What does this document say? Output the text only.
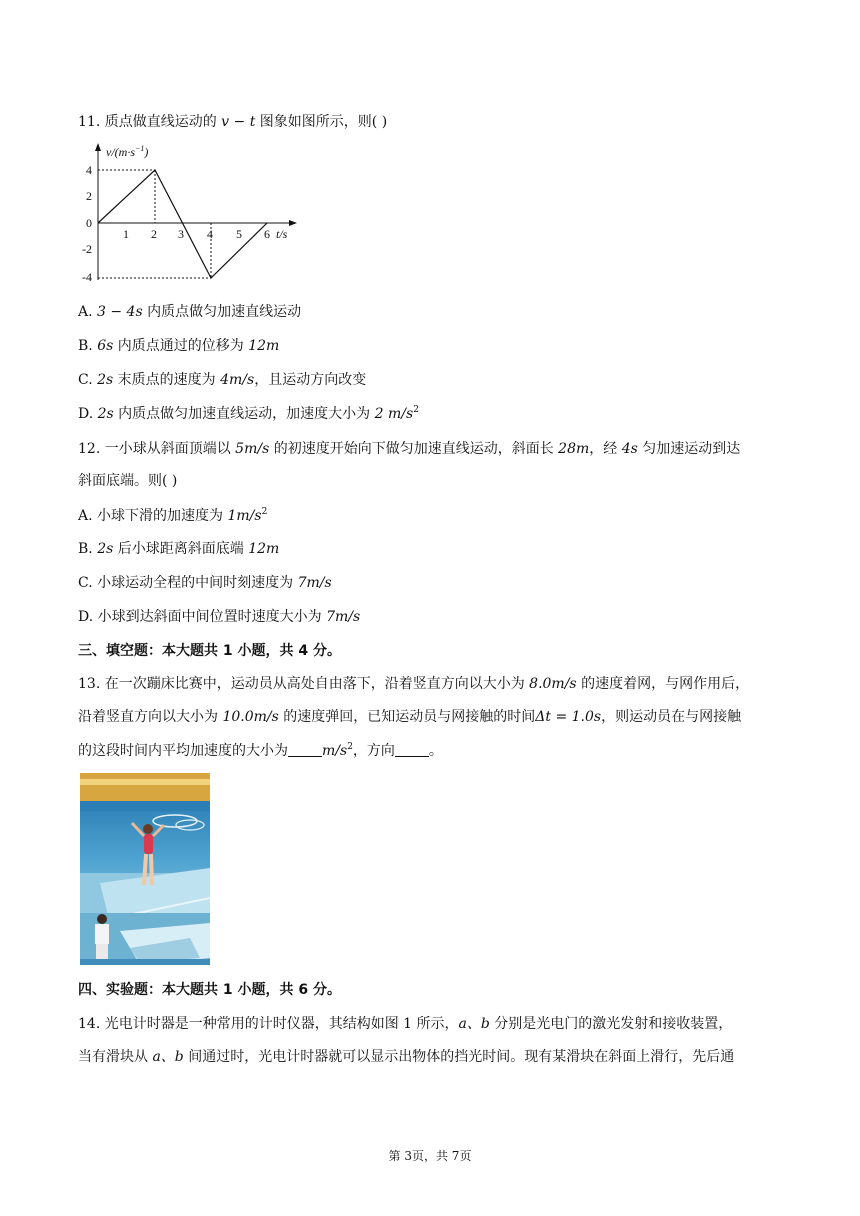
11. 质点做直线运动的 v − t 图象如图所示，则( )
4
2
0
-2
-4
1 2 3 4 5 6
$v/(m\cdot s^{-1})$
t/s
A. 3 − 4s 内质点做匀加速直线运动
B. 6s 内质点通过的位移为 12m
C. 2s 末质点的速度为 4m/s，且运动方向改变
D. 2s 内质点做匀加速直线运动，加速度大小为 2 $m/s^2$
12. 一小球从斜面顶端以 5m/s 的初速度开始向下做匀加速直线运动，斜面长 28m，经 4s 匀加速运动到达
斜面底端。则( )
A. 小球下滑的加速度为 $1m/s^2$
B. 2s 后小球距离斜面底端 12m
C. 小球运动全程的中间时刻速度为 7m/s
D. 小球到达斜面中间位置时速度大小为 7m/s
三、填空题：本大题共 1 小题，共 4 分。
13. 在一次蹦床比赛中，运动员从高处自由落下，沿着竖直方向以大小为 8.0m/s 的速度着网，与网作用后，
沿着竖直方向以大小为 10.0m/s 的速度弹回，已知运动员与网接触的时间Δt = 1.0s，则运动员在与网接触
的这段时间内平均加速度的大小为 $m/s^2$，方向 。
四、实验题：本大题共 1 小题，共 6 分。
14. 光电计时器是一种常用的计时仪器，其结构如图 1 所示，a、b 分别是光电门的激光发射和接收装置，
当有滑块从 a、b 间通过时，光电计时器就可以显示出物体的挡光时间。现有某滑块在斜面上滑行，先后通
第 3页，共 7页
